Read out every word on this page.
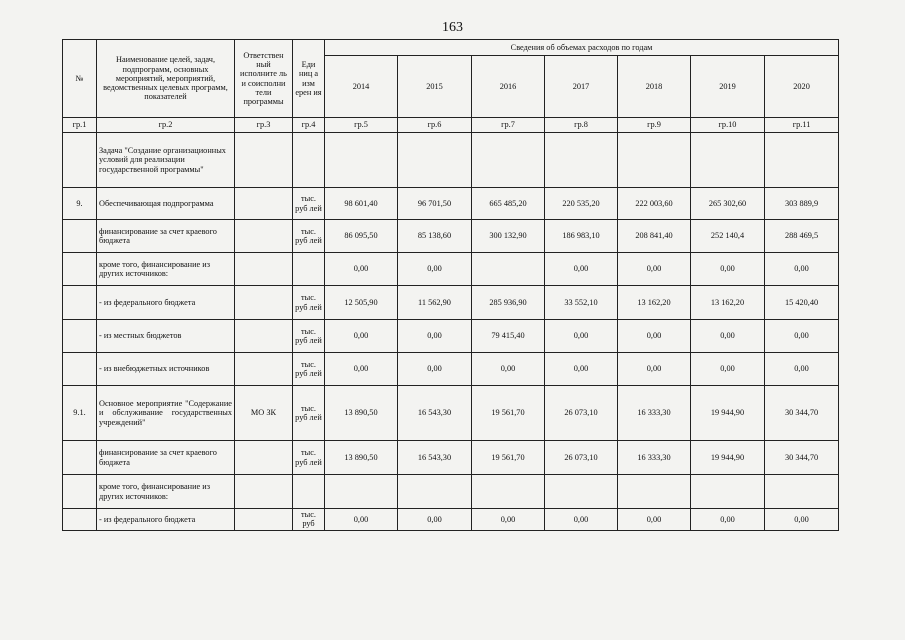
163
№	Наименование целей, задач, подпрограмм, основных мероприятий, мероприятий, ведомственных целевых программ, показателей	Ответствен ный исполните ль и соисполни тели программы	Еди ниц а изм ерен ия	Сведения об объемах расходов по годам						
				2014	2015	2016	2017	2018	2019	2020
гр.1	гр.2	гр.3	гр.4	гр.5	гр.6	гр.7	гр.8	гр.9	гр.10	гр.11
	Задача "Создание организационных условий для реализации государственной программы"									
9.	Обеспечивающая подпрограмма		тыс. руб лей	98 601,40	96 701,50	665 485,20	220 535,20	222 003,60	265 302,60	303 889,9
	финансирование за счет краевого бюджета		тыс. руб лей	86 095,50	85 138,60	300 132,90	186 983,10	208 841,40	252 140,4	288 469,5
	кроме того, финансирование из других источников:			0,00	0,00		0,00	0,00	0,00	0,00
	- из федерального бюджета		тыс. руб лей	12 505,90	11 562,90	285 936,90	33 552,10	13 162,20	13 162,20	15 420,40
	- из местных бюджетов		тыс. руб лей	0,00	0,00	79 415,40	0,00	0,00	0,00	0,00
	- из внебюджетных источников		тыс. руб лей	0,00	0,00	0,00	0,00	0,00	0,00	0,00
9.1.	Основное мероприятие "Содержание и обслуживание государственных учреждений"	МО ЗК	тыс. руб лей	13 890,50	16 543,30	19 561,70	26 073,10	16 333,30	19 944,90	30 344,70
	финансирование за счет краевого бюджета		тыс. руб лей	13 890,50	16 543,30	19 561,70	26 073,10	16 333,30	19 944,90	30 344,70
	кроме того, финансирование из других источников:									
	- из федерального бюджета		тыс. руб	0,00	0,00	0,00	0,00	0,00	0,00	0,00
